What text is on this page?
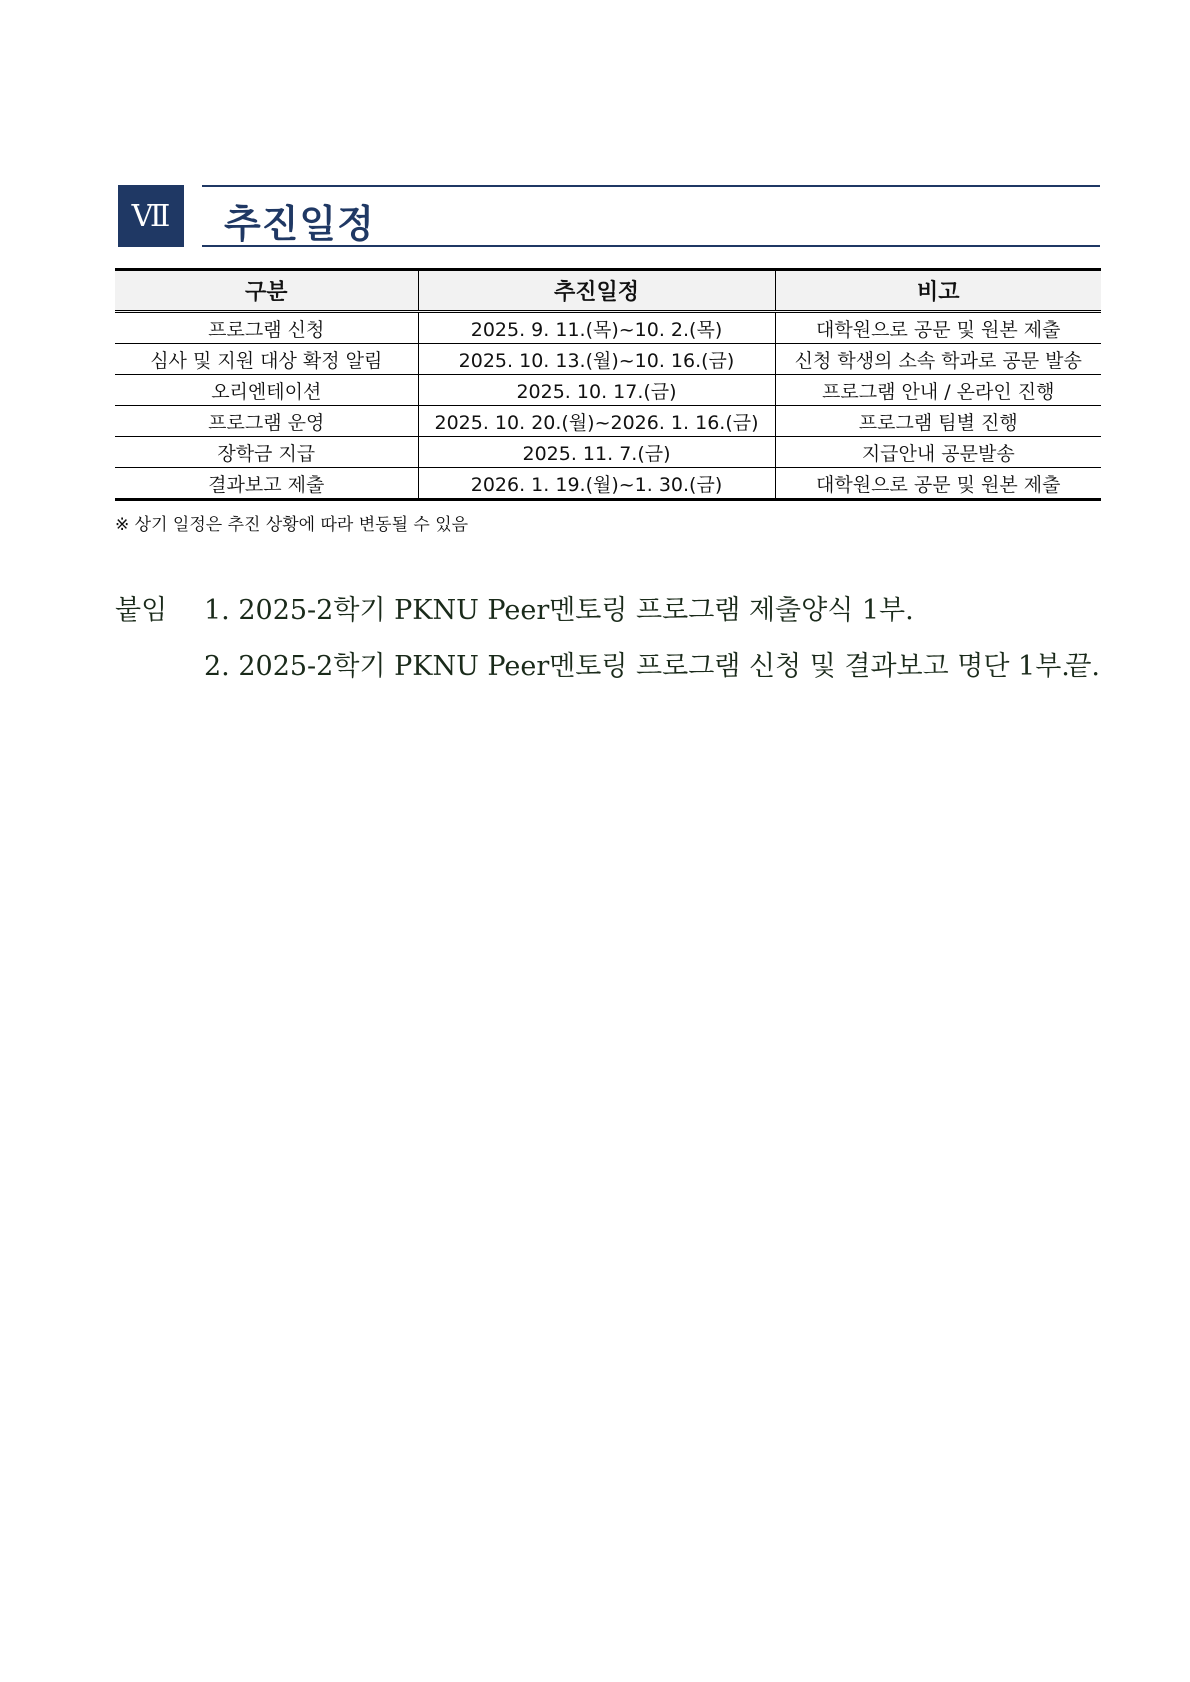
Ⅶ 추진일정
구분	추진일정	비고
프로그램 신청	2025. 9. 11.(목)~10. 2.(목)	대학원으로 공문 및 원본 제출
심사 및 지원 대상 확정 알림	2025. 10. 13.(월)~10. 16.(금)	신청 학생의 소속 학과로 공문 발송
오리엔테이션	2025. 10. 17.(금)	프로그램 안내 / 온라인 진행
프로그램 운영	2025. 10. 20.(월)~2026. 1. 16.(금)	프로그램 팀별 진행
장학금 지급	2025. 11. 7.(금)	지급안내 공문발송
결과보고 제출	2026. 1. 19.(월)~1. 30.(금)	대학원으로 공문 및 원본 제출
※ 상기 일정은 추진 상황에 따라 변동될 수 있음
붙임 1. 2025-2학기 PKNU Peer멘토링 프로그램 제출양식 1부.
2. 2025-2학기 PKNU Peer멘토링 프로그램 신청 및 결과보고 명단 1부.
끝.
